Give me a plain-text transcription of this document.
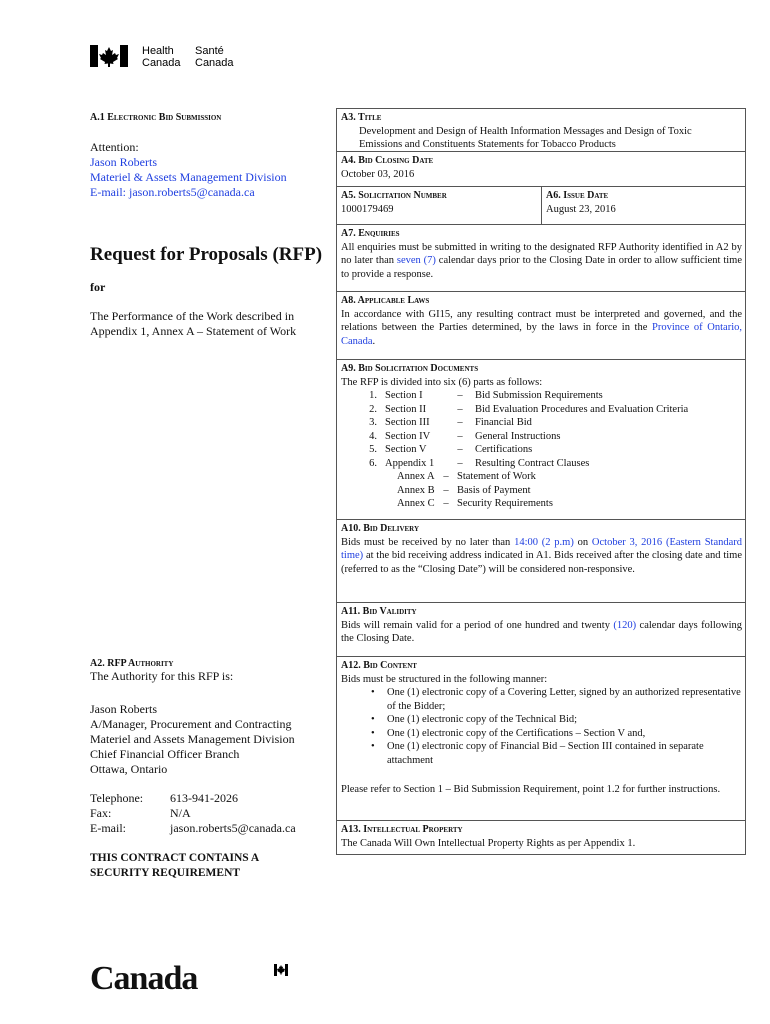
Health
Canada
Santé
Canada
A.1 Electronic Bid Submission
Attention:
Jason Roberts
Materiel & Assets Management Division
E-mail: jason.roberts5@canada.ca
Request for Proposals (RFP)
for
The Performance of the Work described in
Appendix 1, Annex A – Statement of Work
A2. RFP Authority
The Authority for this RFP is:
Jason Roberts
A/Manager, Procurement and Contracting
Materiel and Assets Management Division
Chief Financial Officer Branch
Ottawa, Ontario
Telephone:	613-941-2026
Fax:	N/A
E-mail:	jason.roberts5@canada.ca
THIS CONTRACT CONTAINS A
SECURITY REQUIREMENT
A3. Title
Development and Design of Health Information Messages and Design of Toxic
Emissions and Constituents Statements for Tobacco Products
A4. Bid Closing Date
October 03, 2016
A5. Solicitation Number
1000179469
A6. Issue Date
August 23, 2016
A7. Enquiries
All enquiries must be submitted in writing to the designated RFP Authority identified in A2 by no later than seven (7) calendar days prior to the Closing Date in order to allow sufficient time to provide a response.
A8. Applicable Laws
In accordance with GI15, any resulting contract must be interpreted and governed, and the relations between the Parties determined, by the laws in force in the Province of Ontario, Canada.
A9. Bid Solicitation Documents
The RFP is divided into six (6) parts as follows:
1. Section I	–	Bid Submission Requirements
2. Section II	–	Bid Evaluation Procedures and Evaluation Criteria
3. Section III	–	Financial Bid
4. Section IV	–	General Instructions
5. Section V	–	Certifications
6. Appendix 1	–	Resulting Contract Clauses
Annex A – Statement of Work
Annex B – Basis of Payment
Annex C – Security Requirements
A10. Bid Delivery
Bids must be received by no later than 14:00 (2 p.m) on October 3, 2016 (Eastern Standard time) at the bid receiving address indicated in A1. Bids received after the closing date and time (referred to as the “Closing Date”) will be considered non-responsive.
A11. Bid Validity
Bids will remain valid for a period of one hundred and twenty (120) calendar days following the Closing Date.
A12. Bid Content
Bids must be structured in the following manner:
• One (1) electronic copy of a Covering Letter, signed by an authorized representative of the Bidder;
• One (1) electronic copy of the Technical Bid;
• One (1) electronic copy of the Certifications – Section V and,
• One (1) electronic copy of Financial Bid – Section III contained in separate attachment
Please refer to Section 1 – Bid Submission Requirement, point 1.2 for further instructions.
A13. Intellectual Property
The Canada Will Own Intellectual Property Rights as per Appendix 1.
Canada
